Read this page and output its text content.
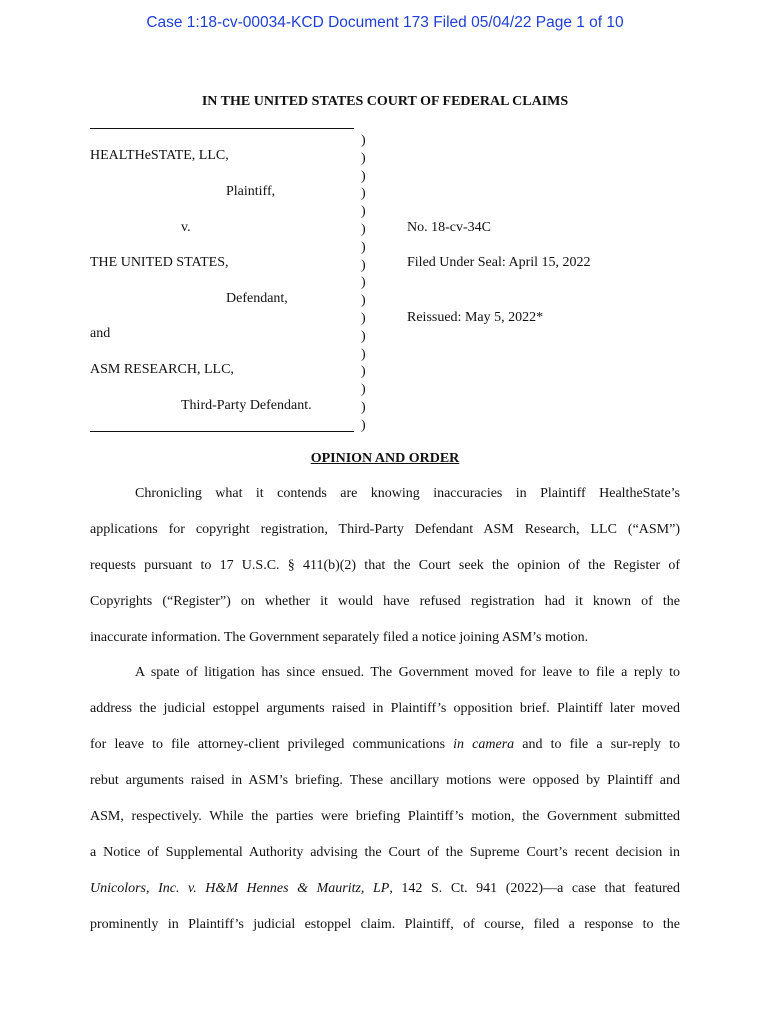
Case 1:18-cv-00034-KCD Document 173 Filed 05/04/22 Page 1 of 10
IN THE UNITED STATES COURT OF FEDERAL CLAIMS
)
)
)
)
)
)
)
)
)
)
)
)
)
)
)
)
)
HEALTHeSTATE, LLC,
Plaintiff,
v.
THE UNITED STATES,
Defendant,
and
ASM RESEARCH, LLC,
Third-Party Defendant.
No. 18-cv-34C
Filed Under Seal: April 15, 2022
Reissued: May 5, 2022*
OPINION AND ORDER
Chronicling what it contends are knowing inaccuracies in Plaintiff HealtheState’s
applications for copyright registration, Third-Party Defendant ASM Research, LLC (“ASM”)
requests pursuant to 17 U.S.C. § 411(b)(2) that the Court seek the opinion of the Register of
Copyrights (“Register”) on whether it would have refused registration had it known of the
inaccurate information. The Government separately filed a notice joining ASM’s motion.
A spate of litigation has since ensued. The Government moved for leave to file a reply to
address the judicial estoppel arguments raised in Plaintiff’s opposition brief. Plaintiff later moved
for leave to file attorney-client privileged communications in camera and to file a sur-reply to
rebut arguments raised in ASM’s briefing. These ancillary motions were opposed by Plaintiff and
ASM, respectively. While the parties were briefing Plaintiff’s motion, the Government submitted
a Notice of Supplemental Authority advising the Court of the Supreme Court’s recent decision in
Unicolors, Inc. v. H&M Hennes & Mauritz, LP, 142 S. Ct. 941 (2022)—a case that featured
prominently in Plaintiff’s judicial estoppel claim. Plaintiff, of course, filed a response to the
